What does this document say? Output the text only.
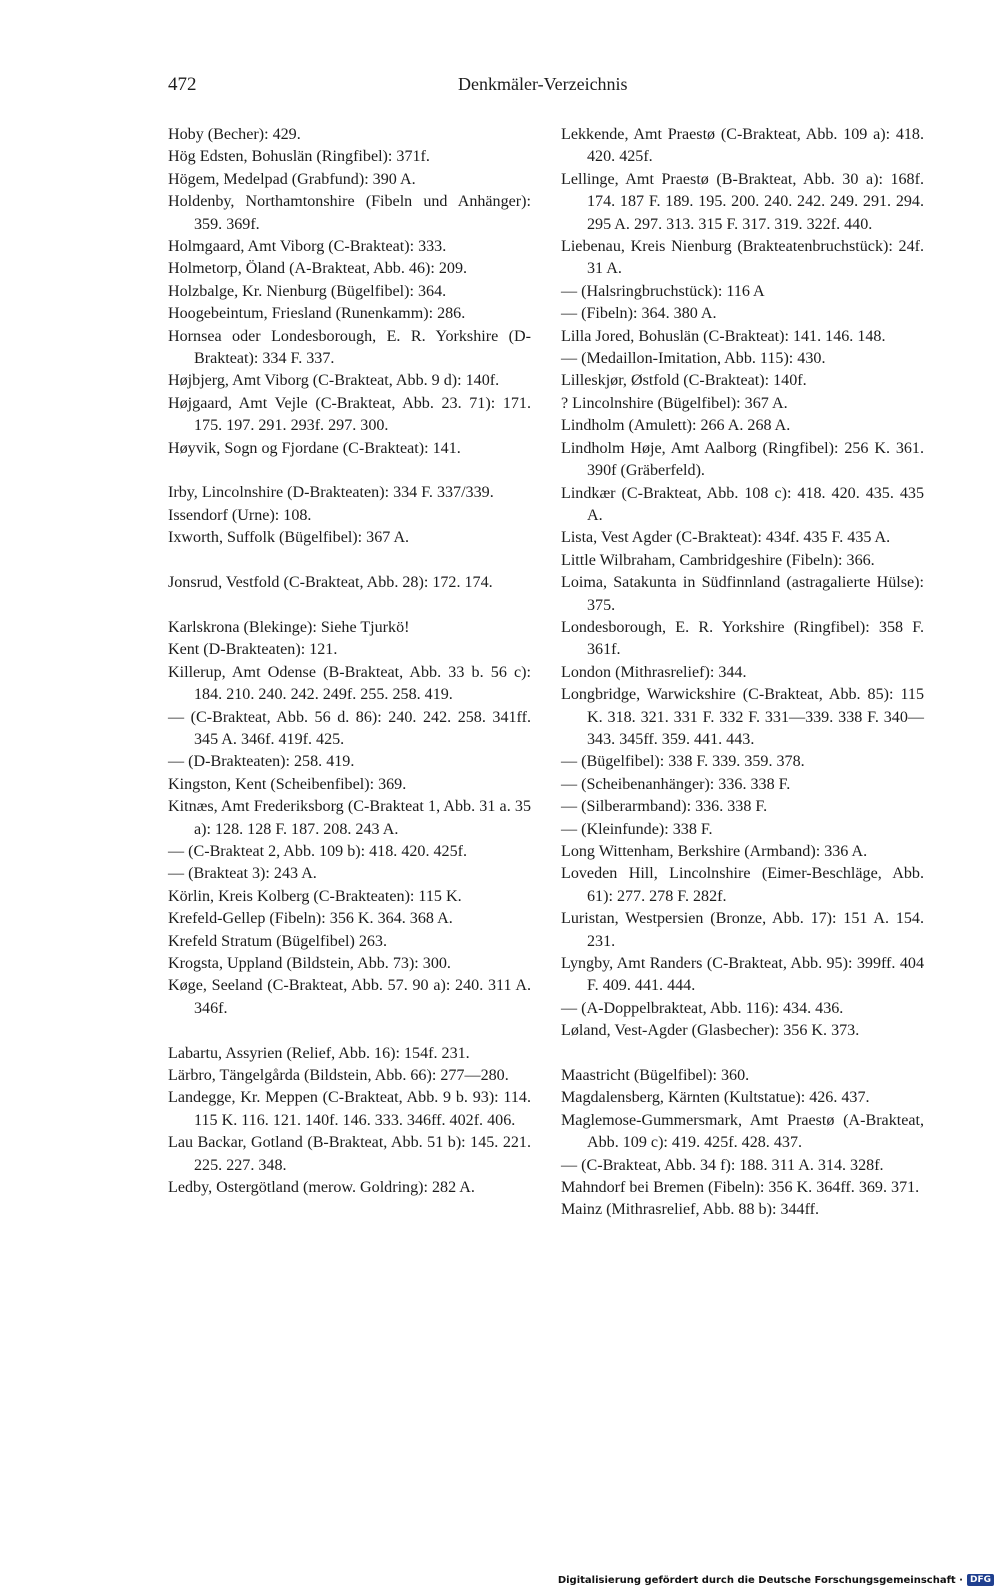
472	Denkmäler-Verzeichnis

Hoby (Becher): 429.

Hög Edsten, Bohuslän (Ringfibel): 371f.

Högem, Medelpad (Grabfund): 390 A.

Holdenby, Northamtonshire (Fibeln und Anhänger): 359. 369f.

Holmgaard, Amt Viborg (C-Brakteat): 333.

Holmetorp, Öland (A-Brakteat, Abb. 46): 209.

Holzbalge, Kr. Nienburg (Bügelfibel): 364.

Hoogebeintum, Friesland (Runenkamm): 286.

Hornsea oder Londesborough, E. R. Yorkshire (D-Brakteat): 334 F. 337.

Højbjerg, Amt Viborg (C-Brakteat, Abb. 9 d): 140f.

Højgaard, Amt Vejle (C-Brakteat, Abb. 23. 71): 171. 175. 197. 291. 293f. 297. 300.

Høyvik, Sogn og Fjordane (C-Brakteat): 141.

Irby, Lincolnshire (D-Brakteaten): 334 F. 337/339.

Issendorf (Urne): 108.

Ixworth, Suffolk (Bügelfibel): 367 A.

Jonsrud, Vestfold (C-Brakteat, Abb. 28): 172. 174.

Karlskrona (Blekinge): Siehe Tjurkö!

Kent (D-Brakteaten): 121.

Killerup, Amt Odense (B-Brakteat, Abb. 33 b. 56 c): 184. 210. 240. 242. 249f. 255. 258. 419.

— (C-Brakteat, Abb. 56 d. 86): 240. 242. 258. 341ff. 345 A. 346f. 419f. 425.

— (D-Brakteaten): 258. 419.

Kingston, Kent (Scheibenfibel): 369.

Kitnæs, Amt Frederiksborg (C-Brakteat 1, Abb. 31 a. 35 a): 128. 128 F. 187. 208. 243 A.

— (C-Brakteat 2, Abb. 109 b): 418. 420. 425f.

— (Brakteat 3): 243 A.

Körlin, Kreis Kolberg (C-Brakteaten): 115 K.

Krefeld-Gellep (Fibeln): 356 K. 364. 368 A.

Krefeld Stratum (Bügelfibel) 263.

Krogsta, Uppland (Bildstein, Abb. 73): 300.

Køge, Seeland (C-Brakteat, Abb. 57. 90 a): 240. 311 A. 346f.

Labartu, Assyrien (Relief, Abb. 16): 154f. 231.

Lärbro, Tängelgårda (Bildstein, Abb. 66): 277—280.

Landegge, Kr. Meppen (C-Brakteat, Abb. 9 b. 93): 114. 115 K. 116. 121. 140f. 146. 333. 346ff. 402f. 406.

Lau Backar, Gotland (B-Brakteat, Abb. 51 b): 145. 221. 225. 227. 348.

Ledby, Ostergötland (merow. Goldring): 282 A.

Lekkende, Amt Praestø (C-Brakteat, Abb. 109 a): 418. 420. 425f.

Lellinge, Amt Praestø (B-Brakteat, Abb. 30 a): 168f. 174. 187 F. 189. 195. 200. 240. 242. 249. 291. 294. 295 A. 297. 313. 315 F. 317. 319. 322f. 440.

Liebenau, Kreis Nienburg (Brakteatenbruchstück): 24f. 31 A.

— (Halsringbruchstück): 116 A

— (Fibeln): 364. 380 A.

Lilla Jored, Bohuslän (C-Brakteat): 141. 146. 148.

— (Medaillon-Imitation, Abb. 115): 430.

Lilleskjør, Østfold (C-Brakteat): 140f.

? Lincolnshire (Bügelfibel): 367 A.

Lindholm (Amulett): 266 A. 268 A.

Lindholm Høje, Amt Aalborg (Ringfibel): 256 K. 361. 390f (Gräberfeld).

Lindkær (C-Brakteat, Abb. 108 c): 418. 420. 435. 435 A.

Lista, Vest Agder (C-Brakteat): 434f. 435 F. 435 A.

Little Wilbraham, Cambridgeshire (Fibeln): 366.

Loima, Satakunta in Südfinnland (astragalierte Hülse): 375.

Londesborough, E. R. Yorkshire (Ringfibel): 358 F. 361f.

London (Mithrasrelief): 344.

Longbridge, Warwickshire (C-Brakteat, Abb. 85): 115 K. 318. 321. 331 F. 332 F. 331—339. 338 F. 340—343. 345ff. 359. 441. 443.

— (Bügelfibel): 338 F. 339. 359. 378.

— (Scheibenanhänger): 336. 338 F.

— (Silberarmband): 336. 338 F.

— (Kleinfunde): 338 F.

Long Wittenham, Berkshire (Armband): 336 A.

Loveden Hill, Lincolnshire (Eimer-Beschläge, Abb. 61): 277. 278 F. 282f.

Luristan, Westpersien (Bronze, Abb. 17): 151 A. 154. 231.

Lyngby, Amt Randers (C-Brakteat, Abb. 95): 399ff. 404 F. 409. 441. 444.

— (A-Doppelbrakteat, Abb. 116): 434. 436.

Løland, Vest-Agder (Glasbecher): 356 K. 373.

Maastricht (Bügelfibel): 360.

Magdalensberg, Kärnten (Kultstatue): 426. 437.

Maglemose-Gummersmark, Amt Praestø (A-Brakteat, Abb. 109 c): 419. 425f. 428. 437.

— (C-Brakteat, Abb. 34 f): 188. 311 A. 314. 328f.

Mahndorf bei Bremen (Fibeln): 356 K. 364ff. 369. 371.

Mainz (Mithrasrelief, Abb. 88 b): 344ff.

Digitalisierung gefördert durch die Deutsche Forschungsgemeinschaft · DFG
